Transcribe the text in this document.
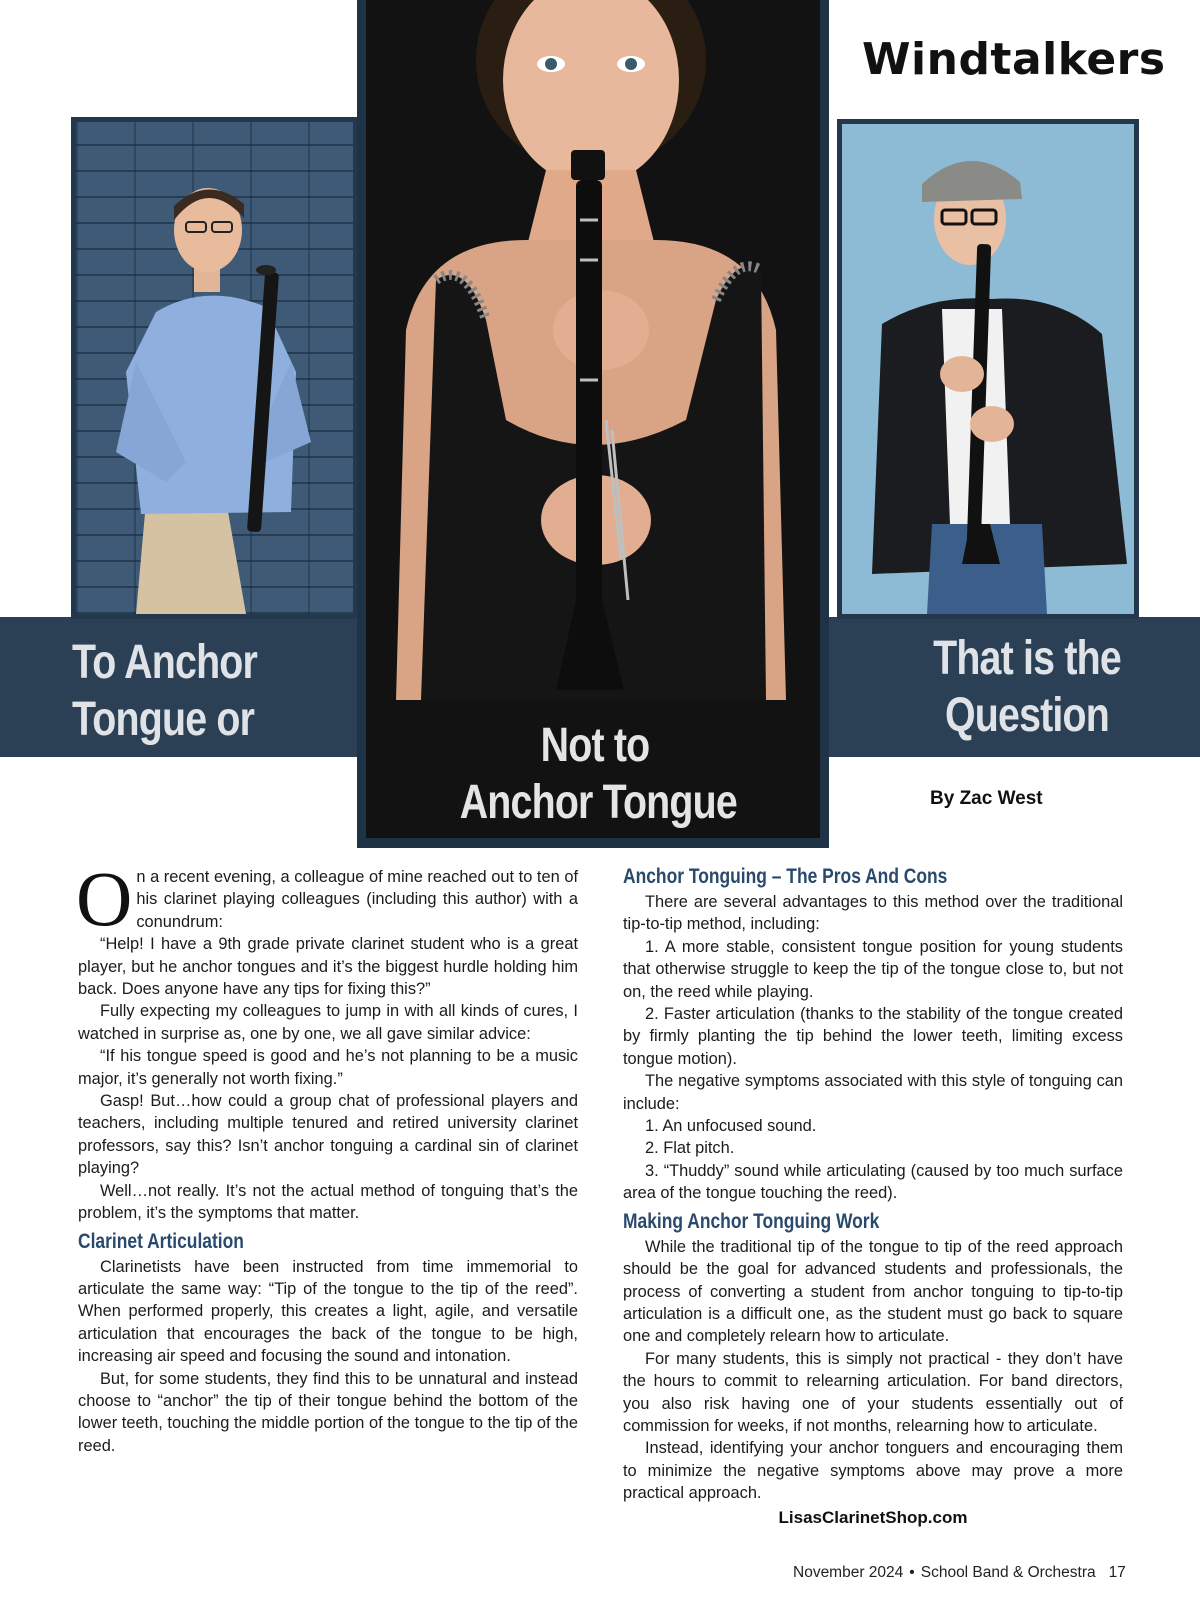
Windtalkers
To Anchor
Tongue or	Not to
Anchor Tongue
That is the
Question
By Zac West

On a recent evening, a colleague of mine reached out to ten of his clarinet playing colleagues (including this author) with a conundrum:

“Help! I have a 9th grade private clarinet student who is a great player, but he anchor tongues and it’s the biggest hurdle holding him back. Does anyone have any tips for fixing this?”

Fully expecting my colleagues to jump in with all kinds of cures, I watched in surprise as, one by one, we all gave similar advice:

“If his tongue speed is good and he’s not planning to be a music major, it’s generally not worth fixing.”

Gasp! But…how could a group chat of professional players and teachers, including multiple tenured and retired university clarinet professors, say this? Isn’t anchor tonguing a cardinal sin of clarinet playing?

Well…not really. It’s not the actual method of tonguing that’s the problem, it’s the symptoms that matter.

Clarinet Articulation

Clarinetists have been instructed from time immemorial to articulate the same way: “Tip of the tongue to the tip of the reed”. When performed properly, this creates a light, agile, and versatile articulation that encourages the back of the tongue to be high, increasing air speed and focusing the sound and intonation.

But, for some students, they find this to be unnatural and instead choose to “anchor” the tip of their tongue behind the bottom of the lower teeth, touching the middle portion of the tongue to the tip of the reed.

Anchor Tonguing – The Pros And Cons

There are several advantages to this method over the traditional tip-to-tip method, including:

1. A more stable, consistent tongue position for young students that otherwise struggle to keep the tip of the tongue close to, but not on, the reed while playing.

2. Faster articulation (thanks to the stability of the tongue created by firmly planting the tip behind the lower teeth, limiting excess tongue motion).

The negative symptoms associated with this style of tonguing can include:

1. An unfocused sound.

2. Flat pitch.

3. “Thuddy” sound while articulating (caused by too much surface area of the tongue touching the reed).

Making Anchor Tonguing Work

While the traditional tip of the tongue to tip of the reed approach should be the goal for advanced students and professionals, the process of converting a student from anchor tonguing to tip-to-tip articulation is a difficult one, as the student must go back to square one and completely relearn how to articulate.

For many students, this is simply not practical - they don’t have the hours to commit to relearning articulation. For band directors, you also risk having one of your students essentially out of commission for weeks, if not months, relearning how to articulate.

Instead, identifying your anchor tonguers and encouraging them to minimize the negative symptoms above may prove a more practical approach.

LisasClarinetShop.com
November 2024 • School Band & Orchestra 17
